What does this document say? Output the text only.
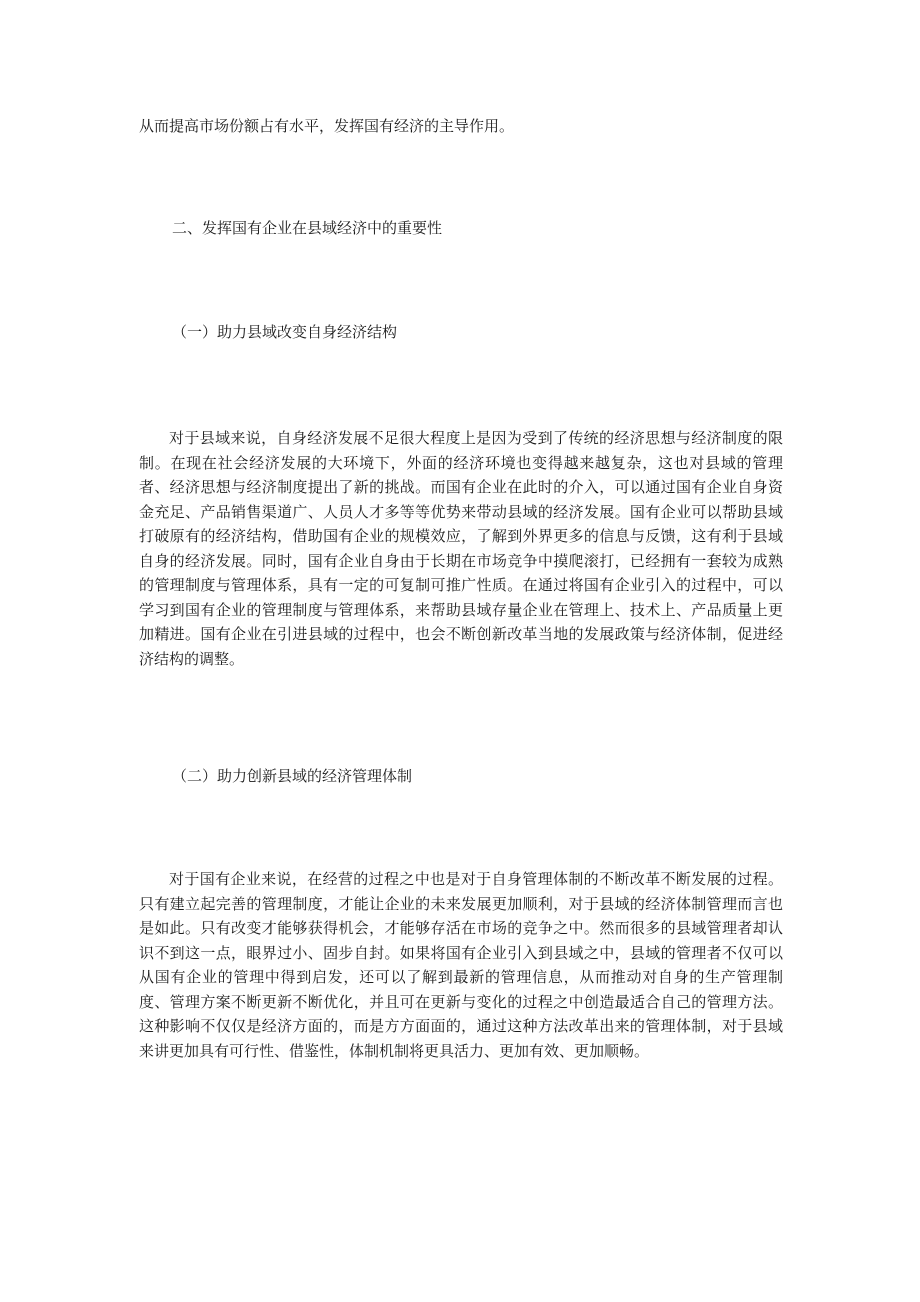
从而提高市场份额占有水平，发挥国有经济的主导作用。

二、发挥国有企业在县域经济中的重要性

（一）助力县域改变自身经济结构

对于县域来说，自身经济发展不足很大程度上是因为受到了传统的经济思想与经济制度的限制。在现在社会经济发展的大环境下，外面的经济环境也变得越来越复杂，这也对县域的管理者、经济思想与经济制度提出了新的挑战。而国有企业在此时的介入，可以通过国有企业自身资金充足、产品销售渠道广、人员人才多等等优势来带动县域的经济发展。国有企业可以帮助县域打破原有的经济结构，借助国有企业的规模效应，了解到外界更多的信息与反馈，这有利于县域自身的经济发展。同时，国有企业自身由于长期在市场竞争中摸爬滚打，已经拥有一套较为成熟的管理制度与管理体系，具有一定的可复制可推广性质。在通过将国有企业引入的过程中，可以学习到国有企业的管理制度与管理体系，来帮助县域存量企业在管理上、技术上、产品质量上更加精进。国有企业在引进县域的过程中，也会不断创新改革当地的发展政策与经济体制，促进经济结构的调整。

（二）助力创新县域的经济管理体制

对于国有企业来说，在经营的过程之中也是对于自身管理体制的不断改革不断发展的过程。只有建立起完善的管理制度，才能让企业的未来发展更加顺利，对于县域的经济体制管理而言也是如此。只有改变才能够获得机会，才能够存活在市场的竞争之中。然而很多的县域管理者却认识不到这一点，眼界过小、固步自封。如果将国有企业引入到县域之中，县域的管理者不仅可以从国有企业的管理中得到启发，还可以了解到最新的管理信息，从而推动对自身的生产管理制度、管理方案不断更新不断优化，并且可在更新与变化的过程之中创造最适合自己的管理方法。这种影响不仅仅是经济方面的，而是方方面面的，通过这种方法改革出来的管理体制，对于县域来讲更加具有可行性、借鉴性，体制机制将更具活力、更加有效、更加顺畅。
